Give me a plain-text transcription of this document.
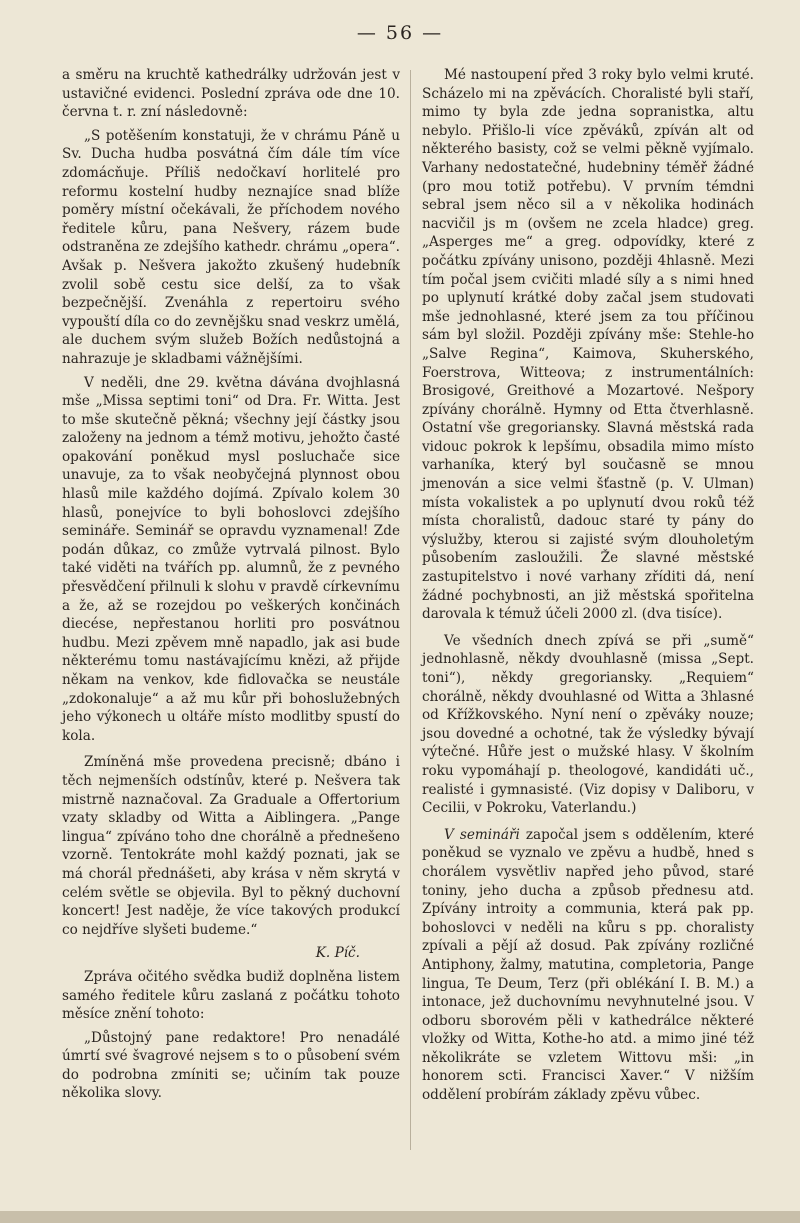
— 56 —

a směru na kruchtě kathedrálky udržován jest v ustavičné evidenci. Poslední zpráva ode dne 10. června t. r. zní následovně:

„S potěšením konstatuji, že v chrámu Páně u Sv. Ducha hudba posvátná čím dále tím více zdomácňuje. Příliš nedočkaví horlitelé pro reformu kostelní hudby neznajíce snad blíže poměry místní očekávali, že příchodem nového ředitele kůru, pana Nešvery, rázem bude odstraněna ze zdejšího kathedr. chrámu „opera“. Avšak p. Nešvera jakožto zkušený hudebník zvolil sobě cestu sice delší, za to však bezpečnější. Zvenáhla z repertoiru svého vypouští díla co do zevnějšku snad veskrz umělá, ale duchem svým služeb Božích nedůstojná a nahrazuje je skladbami vážnějšími.

V neděli, dne 29. května dávána dvojhlasná mše „Missa septimi toni“ od Dra. Fr. Witta. Jest to mše skutečně pěkná; všechny její částky jsou založeny na jednom a témž motivu, jehožto časté opakování poněkud mysl posluchače sice unavuje, za to však neobyčejná plynnost obou hlasů mile každého dojímá. Zpívalo kolem 30 hlasů, ponejvíce to byli bohoslovci zdejšího semináře. Seminář se opravdu vyznamenal! Zde podán důkaz, co zmůže vytrvalá pilnost. Bylo také viděti na tvářích pp. alumnů, že z pevného přesvědčení přilnuli k slohu v pravdě církevnímu a že, až se rozejdou po veškerých končinách diecése, nepřestanou horliti pro posvátnou hudbu. Mezi zpěvem mně napadlo, jak asi bude některému tomu nastávajícímu knězi, až přijde někam na venkov, kde fidlovačka se neustále „zdokonaluje“ a až mu kůr při bohoslužebných jeho výkonech u oltáře místo modlitby spustí do kola.

Zmíněná mše provedena precisně; dbáno i těch nejmenších odstínův, které p. Nešvera tak mistrně naznačoval. Za Graduale a Offertorium vzaty skladby od Witta a Aiblingera. „Pange lingua“ zpíváno toho dne chorálně a přednešeno vzorně. Tentokráte mohl každý poznati, jak se má chorál přednášeti, aby krása v něm skrytá v celém světle se objevila. Byl to pěkný duchovní koncert! Jest naděje, že více takových produkcí co nejdříve slyšeti budeme.“

K. Píč.

Zpráva očitého svědka budiž doplněna listem samého ředitele kůru zaslaná z počátku tohoto měsíce znění tohoto:

„Důstojný pane redaktore! Pro nenadálé úmrtí své švagrové nejsem s to o působení svém do podrobna zmíniti se; učiním tak pouze několika slovy.

Mé nastoupení před 3 roky bylo velmi kruté. Scházelo mi na zpěvácích. Choralisté byli staří, mimo ty byla zde jedna sopranistka, altu nebylo. Přišlo-li více zpěváků, zpíván alt od některého basisty, což se velmi pěkně vyjímalo. Varhany nedostatečné, hudebniny téměř žádné (pro mou totiž potřebu). V prvním témdni sebral jsem něco sil a v několika hodinách nacvičil js m (ovšem ne zcela hladce) greg. „Asperges me“ a greg. odpovídky, které z počátku zpívány unisono, později 4hlasně. Mezi tím počal jsem cvičiti mladé síly a s nimi hned po uplynutí krátké doby začal jsem studovati mše jednohlasné, které jsem za tou příčinou sám byl složil. Později zpívány mše: Stehle-ho „Salve Regina“, Kaimova, Skuherského, Foerstrova, Witteova; z instrumentálních: Brosigové, Greithové a Mozartové. Nešpory zpívány chorálně. Hymny od Etta čtverhlasně. Ostatní vše gregoriansky. Slavná městská rada vidouc pokrok k lepšímu, obsadila mimo místo varhaníka, který byl současně se mnou jmenován a sice velmi šťastně (p. V. Ulman) místa vokalistek a po uplynutí dvou roků též místa choralistů, dadouc staré ty pány do výslužby, kterou si zajisté svým dlouholetým působením zasloužili. Že slavné městské zastupitelstvo i nové varhany zříditi dá, není žádné pochybnosti, an již městská spořitelna darovala k témuž účeli 2000 zl. (dva tisíce).

Ve všedních dnech zpívá se při „sumě“ jednohlasně, někdy dvouhlasně (missa „Sept. toni“), někdy gregoriansky. „Requiem“ chorálně, někdy dvouhlasné od Witta a 3hlasné od Křížkovského. Nyní není o zpěváky nouze; jsou dovedné a ochotné, tak že výsledky bývají výtečné. Hůře jest o mužské hlasy. V školním roku vypomáhají p. theologové, kandidáti uč., realisté i gymnasisté. (Viz dopisy v Daliboru, v Cecilii, v Pokroku, Vaterlandu.)

V semináři započal jsem s oddělením, které poněkud se vyznalo ve zpěvu a hudbě, hned s chorálem vysvětliv napřed jeho původ, staré toniny, jeho ducha a způsob přednesu atd. Zpívány introity a communia, která pak pp. bohoslovci v neděli na kůru s pp. choralisty zpívali a pějí až dosud. Pak zpívány rozličné Antiphony, žalmy, matutina, completoria, Pange lingua, Te Deum, Terz (při oblékání I. B. M.) a intonace, jež duchovnímu nevyhnutelné jsou. V odboru sborovém pěli v kathedrálce některé vložky od Witta, Kothe-ho atd. a mimo jiné též několikráte se vzletem Wittovu mši: „in honorem scti. Francisci Xaver.“ V nižším oddělení probírám základy zpěvu vůbec.
